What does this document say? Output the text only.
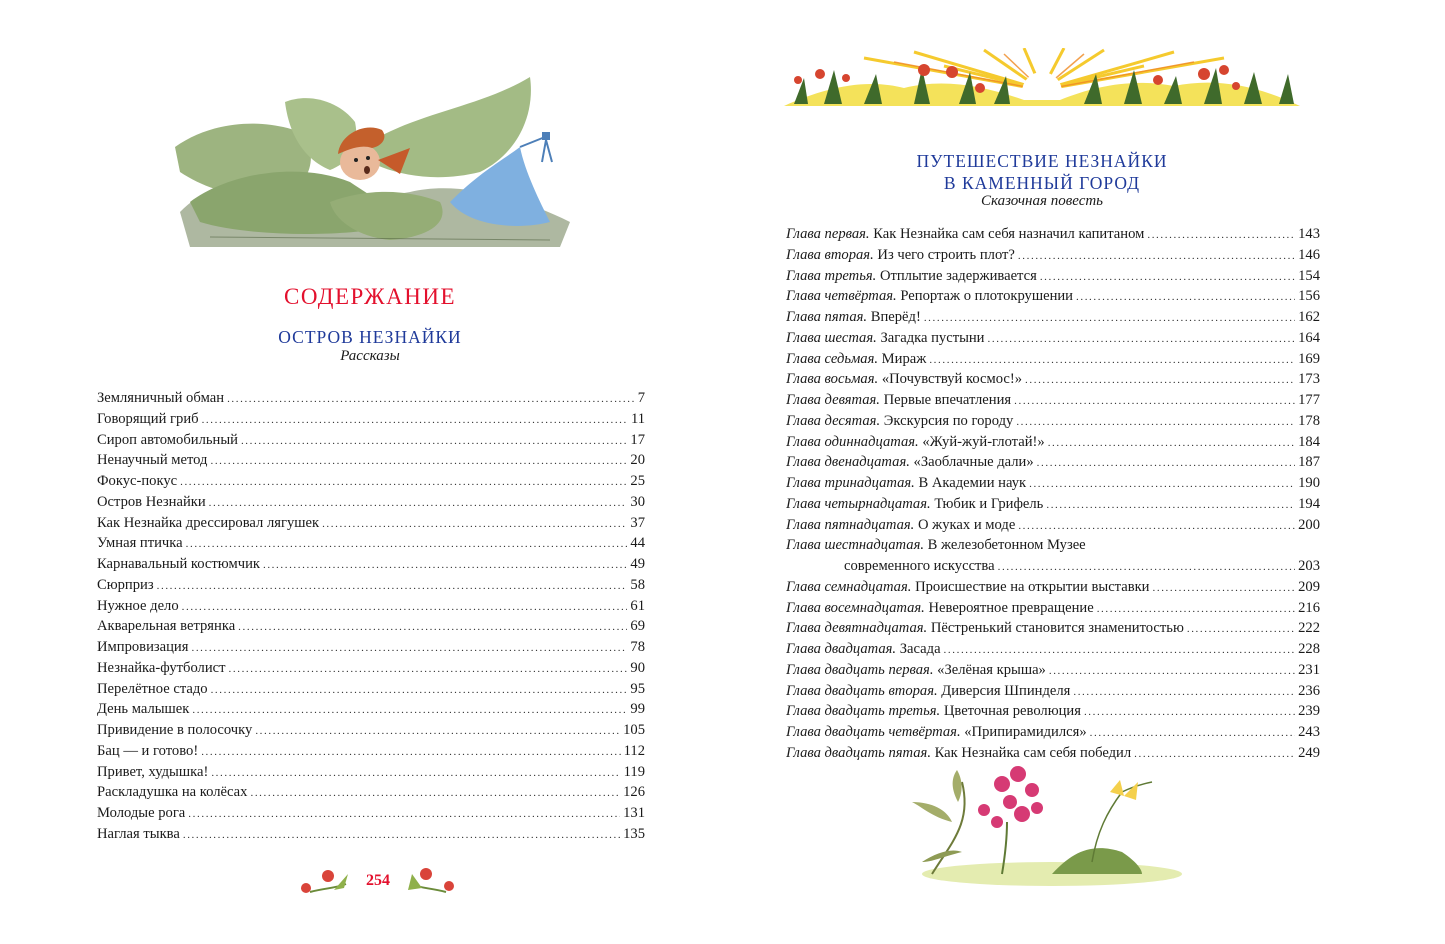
СОДЕРЖАНИЕ
ОСТРОВ НЕЗНАЙКИ
Рассказы
Земляничный обман .....	7
Говорящий гриб .....	11
Сироп автомобильный .....	17
Ненаучный метод .....	20
Фокус-покус .....	25
Остров Незнайки .....	30
Как Незнайка дрессировал лягушек .....	37
Умная птичка .....	44
Карнавальный костюмчик .....	49
Сюрприз .....	58
Нужное дело .....	61
Акварельная ветрянка .....	69
Импровизация .....	78
Незнайка-футболист .....	90
Перелётное стадо .....	95
День малышек .....	99
Привидение в полосочку .....	105
Бац — и готово! .....	112
Привет, худышка! .....	119
Раскладушка на колёсах .....	126
Молодые рога .....	131
Наглая тыква .....	135
254
ПУТЕШЕСТВИЕ НЕЗНАЙКИ
В КАМЕННЫЙ ГОРОД
Сказочная повесть
Глава первая. Как Незнайка сам себя назначил капитаном .....	143
Глава вторая. Из чего строить плот? .....	146
Глава третья. Отплытие задерживается .....	154
Глава четвёртая. Репортаж о плотокрушении .....	156
Глава пятая. Вперёд! .....	162
Глава шестая. Загадка пустыни .....	164
Глава седьмая. Мираж .....	169
Глава восьмая. «Почувствуй космос!» .....	173
Глава девятая. Первые впечатления .....	177
Глава десятая. Экскурсия по городу .....	178
Глава одиннадцатая. «Жуй-жуй-глотай!» .....	184
Глава двенадцатая. «Заоблачные дали» .....	187
Глава тринадцатая. В Академии наук .....	190
Глава четырнадцатая. Тюбик и Грифель .....	194
Глава пятнадцатая. О жуках и моде .....	200
Глава шестнадцатая. В железобетонном Музее
современного искусства .....	203
Глава семнадцатая. Происшествие на открытии выставки .....	209
Глава восемнадцатая. Невероятное превращение .....	216
Глава девятнадцатая. Пёстренький становится знаменитостью .....	222
Глава двадцатая. Засада .....	228
Глава двадцать первая. «Зелёная крыша» .....	231
Глава двадцать вторая. Диверсия Шпинделя .....	236
Глава двадцать третья. Цветочная революция .....	239
Глава двадцать четвёртая. «Припирамидился» .....	243
Глава двадцать пятая. Как Незнайка сам себя победил .....	249
